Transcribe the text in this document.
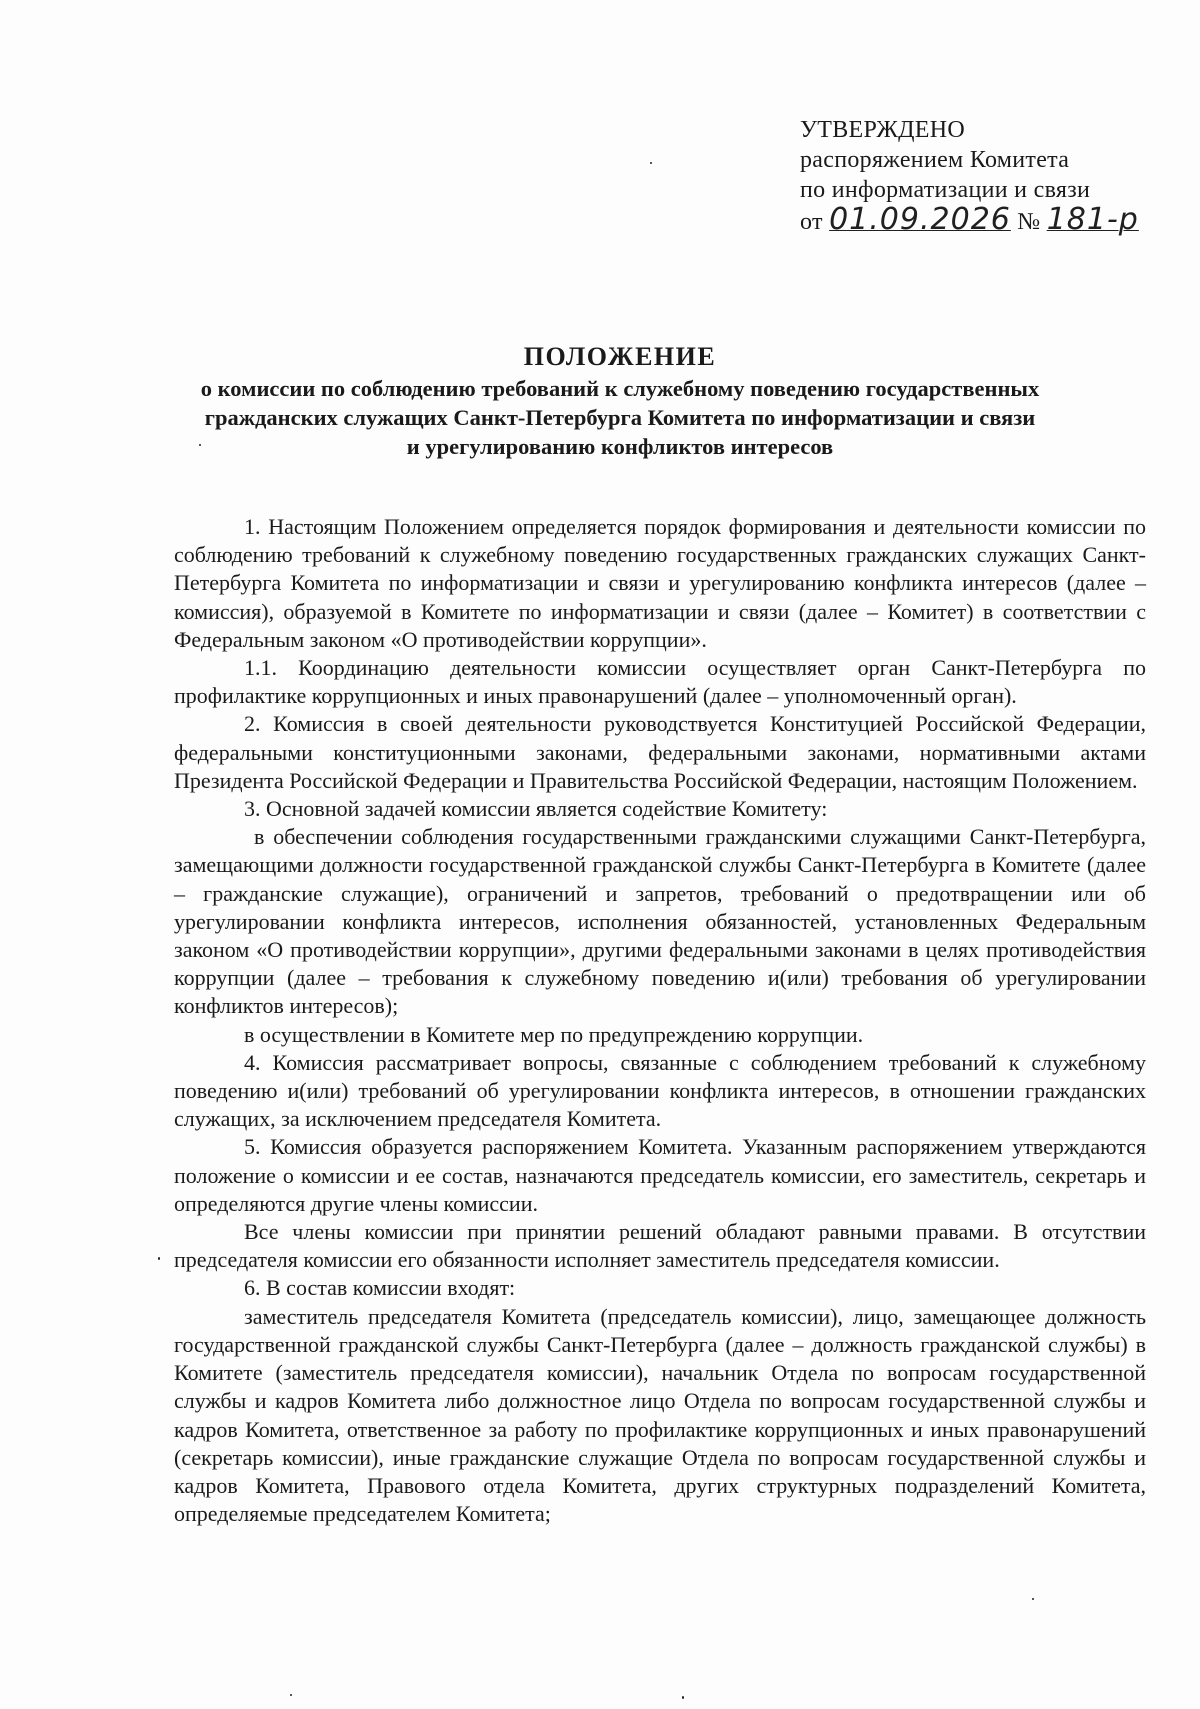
УТВЕРЖДЕНО
распоряжением Комитета
по информатизации и связи
от 01.09.2026 № 181-р
ПОЛОЖЕНИЕ
о комиссии по соблюдению требований к служебному поведению государственных
гражданских служащих Санкт-Петербурга Комитета по информатизации и связи
и урегулированию конфликтов интересов

1. Настоящим Положением определяется порядок формирования и деятельности комиссии по соблюдению требований к служебному поведению государственных гражданских служащих Санкт-Петербурга Комитета по информатизации и связи и урегулированию конфликта интересов (далее – комиссия), образуемой в Комитете по информатизации и связи (далее – Комитет) в соответствии с Федеральным законом «О противодействии коррупции».

1.1. Координацию деятельности комиссии осуществляет орган Санкт-Петербурга по профилактике коррупционных и иных правонарушений (далее – уполномоченный орган).

2. Комиссия в своей деятельности руководствуется Конституцией Российской Федерации, федеральными конституционными законами, федеральными законами, нормативными актами Президента Российской Федерации и Правительства Российской Федерации, настоящим Положением.

3. Основной задачей комиссии является содействие Комитету:

в обеспечении соблюдения государственными гражданскими служащими Санкт-Петербурга, замещающими должности государственной гражданской службы Санкт-Петербурга в Комитете (далее – гражданские служащие), ограничений и запретов, требований о предотвращении или об урегулировании конфликта интересов, исполнения обязанностей, установленных Федеральным законом «О противодействии коррупции», другими федеральными законами в целях противодействия коррупции (далее – требования к служебному поведению и(или) требования об урегулировании конфликтов интересов);

в осуществлении в Комитете мер по предупреждению коррупции.

4. Комиссия рассматривает вопросы, связанные с соблюдением требований к служебному поведению и(или) требований об урегулировании конфликта интересов, в отношении гражданских служащих, за исключением председателя Комитета.

5. Комиссия образуется распоряжением Комитета. Указанным распоряжением утверждаются положение о комиссии и ее состав, назначаются председатель комиссии, его заместитель, секретарь и определяются другие члены комиссии.

Все члены комиссии при принятии решений обладают равными правами. В отсутствии председателя комиссии его обязанности исполняет заместитель председателя комиссии.

6. В состав комиссии входят:

заместитель председателя Комитета (председатель комиссии), лицо, замещающее должность государственной гражданской службы Санкт-Петербурга (далее – должность гражданской службы) в Комитете (заместитель председателя комиссии), начальник Отдела по вопросам государственной службы и кадров Комитета либо должностное лицо Отдела по вопросам государственной службы и кадров Комитета, ответственное за работу по профилактике коррупционных и иных правонарушений (секретарь комиссии), иные гражданские служащие Отдела по вопросам государственной службы и кадров Комитета, Правового отдела Комитета, других структурных подразделений Комитета, определяемые председателем Комитета;
